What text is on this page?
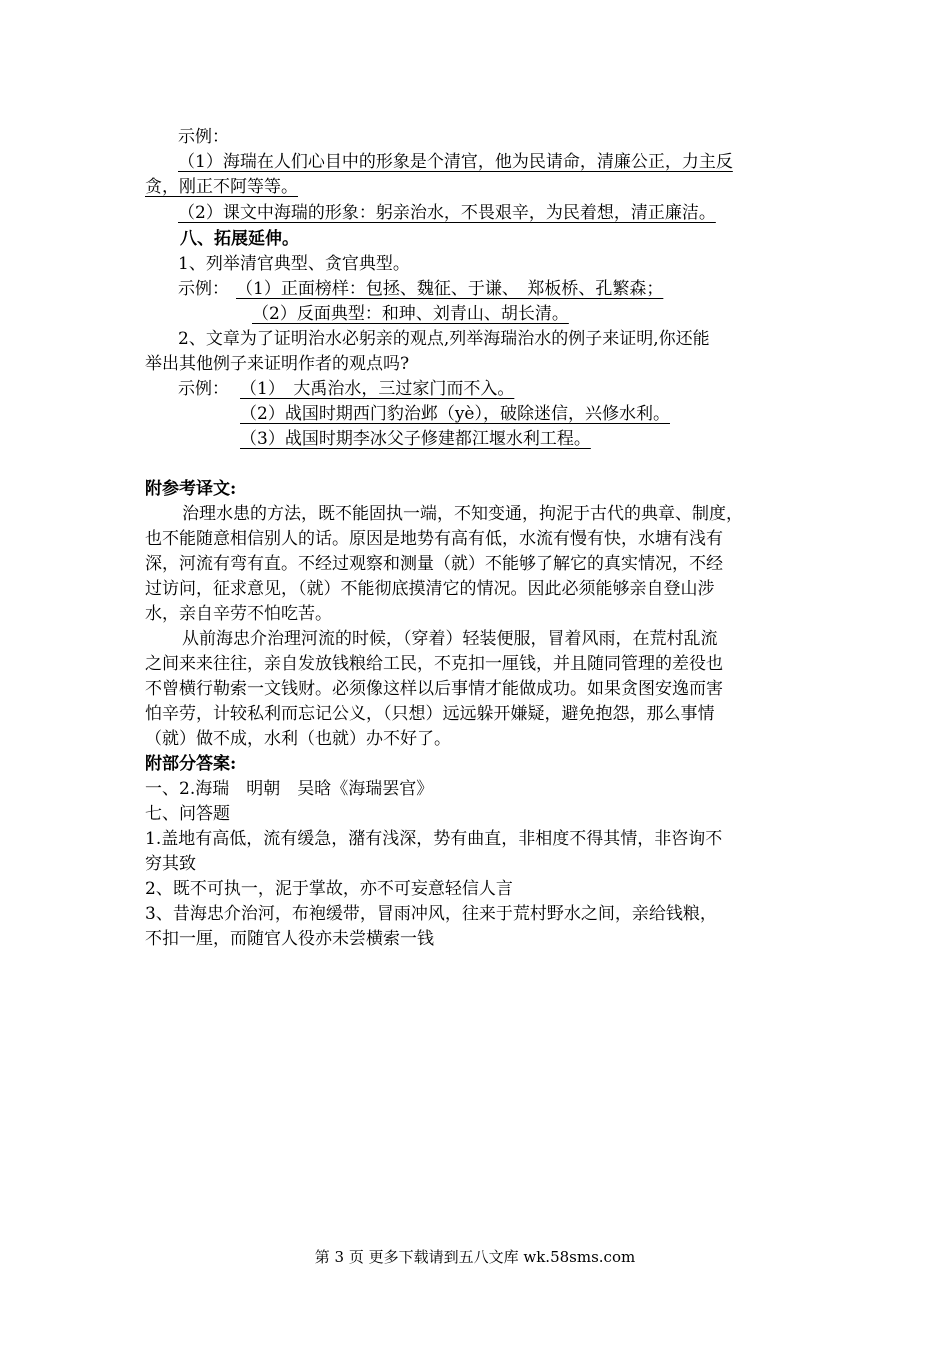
示例：
（1）海瑞在人们心目中的形象是个清官，他为民请命，清廉公正，力主反
贪，刚正不阿等等。
（2）课文中海瑞的形象：躬亲治水，不畏艰辛，为民着想，清正廉洁。
八、拓展延伸。
1、列举清官典型、贪官典型。
示例： （1）正面榜样：包拯、魏征、于谦、　郑板桥、孔繁森；
（2）反面典型：和珅、刘青山、胡长清。
2、文章为了证明治水必躬亲的观点,列举海瑞治水的例子来证明,你还能
举出其他例子来证明作者的观点吗?
示例： （1）　大禹治水，三过家门而不入。
（2）战国时期西门豹治邺（yè），破除迷信，兴修水利。
（3）战国时期李冰父子修建都江堰水利工程。
附参考译文:
治理水患的方法，既不能固执一端，不知变通，拘泥于古代的典章、制度，
也不能随意相信别人的话。原因是地势有高有低，水流有慢有快，水塘有浅有
深，河流有弯有直。不经过观察和测量（就）不能够了解它的真实情况，不经
过访问，征求意见，（就）不能彻底摸清它的情况。因此必须能够亲自登山涉
水，亲自辛劳不怕吃苦。
从前海忠介治理河流的时候，（穿着）轻装便服，冒着风雨，在荒村乱流
之间来来往往，亲自发放钱粮给工民，不克扣一厘钱，并且随同管理的差役也
不曾横行勒索一文钱财。必须像这样以后事情才能做成功。如果贪图安逸而害
怕辛劳，计较私利而忘记公义，（只想）远远躲开嫌疑，避免抱怨，那么事情
（就）做不成，水利（也就）办不好了。
附部分答案:
一、2.海瑞　明朝　吴晗《海瑞罢官》
七、问答题
1.盖地有高低，流有缓急，潴有浅深，势有曲直，非相度不得其情，非咨询不
穷其致
2、既不可执一，泥于掌故，亦不可妄意轻信人言
3、昔海忠介治河，布袍缓带，冒雨冲风，往来于荒村野水之间，亲给钱粮，
不扣一厘，而随官人役亦未尝横索一钱
第 3 页 更多下载请到五八文库 wk.58sms.com
